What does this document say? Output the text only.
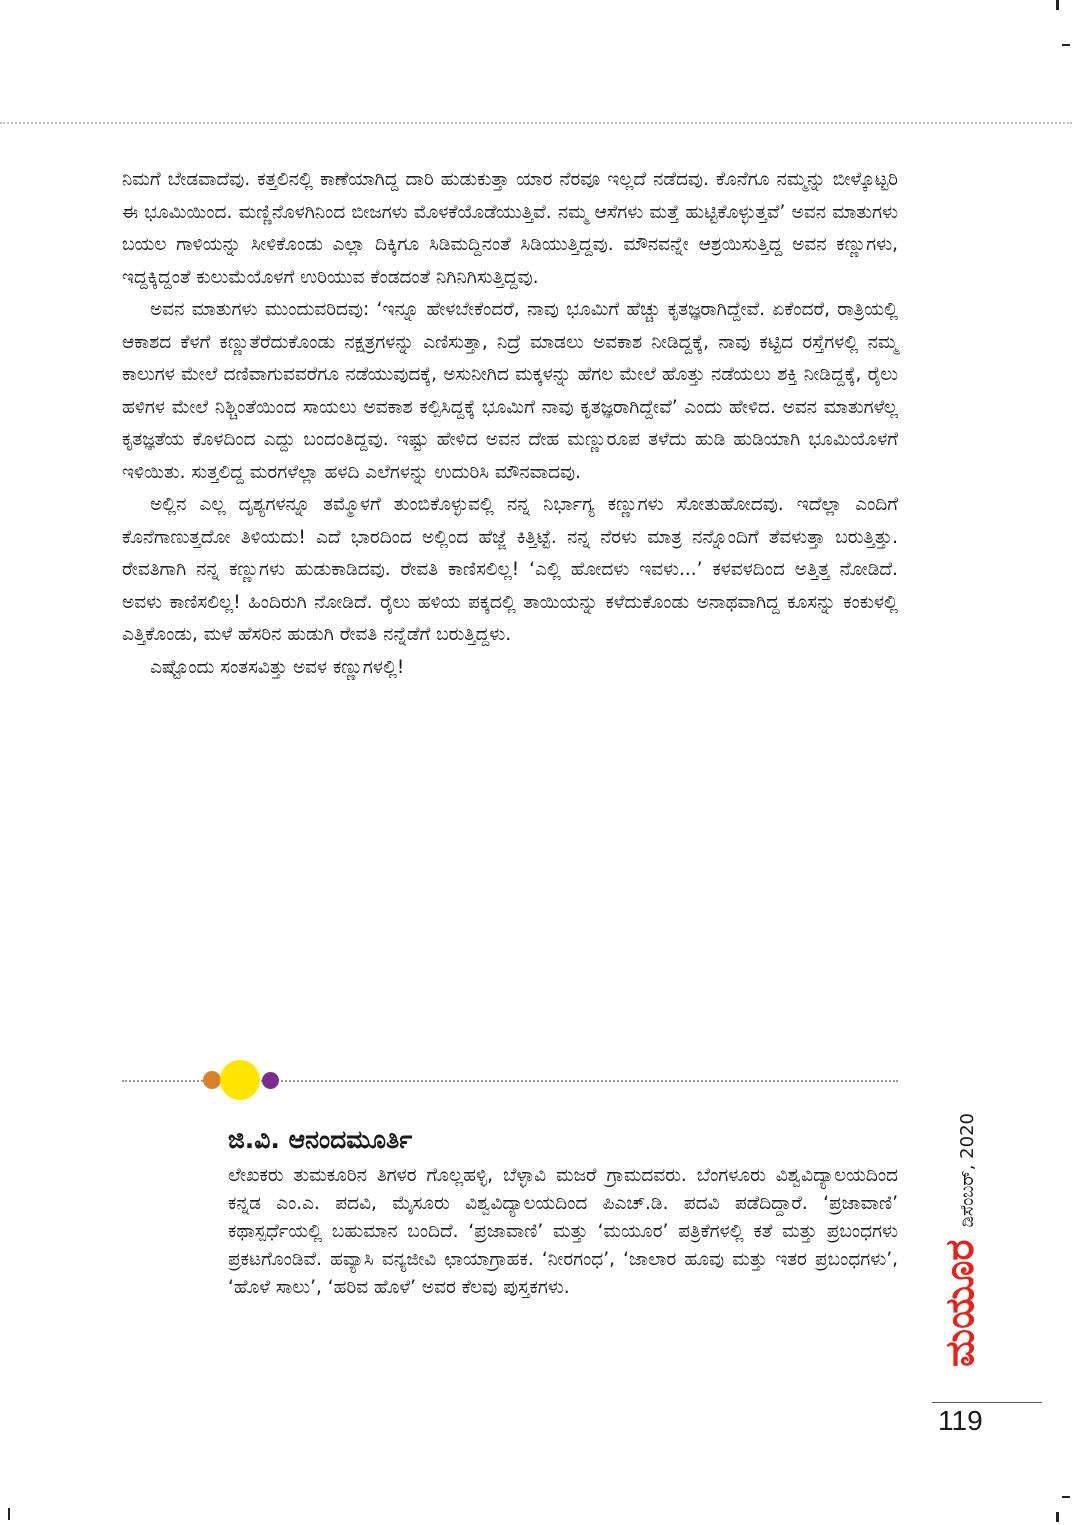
ನಿಮಗೆ ಬೇಡವಾದೆವು. ಕತ್ತಲಿನಲ್ಲಿ ಕಾಣೆಯಾಗಿದ್ದ ದಾರಿ ಹುಡುಕುತ್ತಾ ಯಾರ ನೆರವೂ ಇಲ್ಲದೆ ನಡೆದವು. ಕೊನೆಗೂ ನಮ್ಮನ್ನು ಬೀಳ್ಕೊಟ್ಟರಿ ಈ ಭೂಮಿಯಿಂದ. ಮಣ್ಣಿನೊಳಗಿನಿಂದ ಬೀಜಗಳು ಮೊಳಕೆಯೊಡೆಯುತ್ತಿವೆ. ನಮ್ಮ ಆಸೆಗಳು ಮತ್ತೆ ಹುಟ್ಟಿಕೊಳ್ಳುತ್ತವೆ’ ಅವನ ಮಾತುಗಳು ಬಯಲ ಗಾಳಿಯನ್ನು ಸೀಳಿಕೊಂಡು ಎಲ್ಲಾ ದಿಕ್ಕಿಗೂ ಸಿಡಿಮದ್ದಿನಂತೆ ಸಿಡಿಯುತ್ತಿದ್ದವು. ಮೌನವನ್ನೇ ಆಶ್ರಯಿಸುತ್ತಿದ್ದ ಅವನ ಕಣ್ಣುಗಳು, ಇದ್ದಕ್ಕಿದ್ದಂತೆ ಕುಲುಮೆಯೊಳಗೆ ಉರಿಯುವ ಕೆಂಡದಂತೆ ನಿಗಿನಿಗಿಸುತ್ತಿದ್ದವು.

ಅವನ ಮಾತುಗಳು ಮುಂದುವರಿದವು: ‘ಇನ್ನೂ ಹೇಳಬೇಕೆಂದರೆ, ನಾವು ಭೂಮಿಗೆ ಹೆಚ್ಚು ಕೃತಜ್ಞರಾಗಿದ್ದೇವೆ. ಏಕೆಂದರೆ, ರಾತ್ರಿಯಲ್ಲಿ ಆಕಾಶದ ಕೆಳಗೆ ಕಣ್ಣುತೆರೆದುಕೊಂಡು ನಕ್ಷತ್ರಗಳನ್ನು ಎಣಿಸುತ್ತಾ, ನಿದ್ರೆ ಮಾಡಲು ಅವಕಾಶ ನೀಡಿದ್ದಕ್ಕೆ, ನಾವು ಕಟ್ಟಿದ ರಸ್ತೆಗಳಲ್ಲಿ ನಮ್ಮ ಕಾಲುಗಳ ಮೇಲೆ ದಣಿವಾಗುವವರೆಗೂ ನಡೆಯುವುದಕ್ಕೆ, ಅಸುನೀಗಿದ ಮಕ್ಕಳನ್ನು ಹೆಗಲ ಮೇಲೆ ಹೊತ್ತು ನಡೆಯಲು ಶಕ್ತಿ ನೀಡಿದ್ದಕ್ಕೆ, ರೈಲು ಹಳಿಗಳ ಮೇಲೆ ನಿಶ್ಚಿಂತೆಯಿಂದ ಸಾಯಲು ಅವಕಾಶ ಕಲ್ಪಿಸಿದ್ದಕ್ಕೆ ಭೂಮಿಗೆ ನಾವು ಕೃತಜ್ಞರಾಗಿದ್ದೇವೆ’ ಎಂದು ಹೇಳಿದ. ಅವನ ಮಾತುಗಳೆಲ್ಲ ಕೃತಜ್ಞತೆಯ ಕೊಳದಿಂದ ಎದ್ದು ಬಂದಂತಿದ್ದವು. ಇಷ್ಟು ಹೇಳಿದ ಅವನ ದೇಹ ಮಣ್ಣುರೂಪ ತಳೆದು ಹುಡಿ ಹುಡಿಯಾಗಿ ಭೂಮಿಯೊಳಗೆ ಇಳಿಯಿತು. ಸುತ್ತಲಿದ್ದ ಮರಗಳೆಲ್ಲಾ ಹಳದಿ ಎಲೆಗಳನ್ನು ಉದುರಿಸಿ ಮೌನವಾದವು.

ಅಲ್ಲಿನ ಎಲ್ಲ ದೃಶ್ಯಗಳನ್ನೂ ತಮ್ಮೊಳಗೆ ತುಂಬಿಕೊಳ್ಳುವಲ್ಲಿ ನನ್ನ ನಿರ್ಭಾಗ್ಯ ಕಣ್ಣುಗಳು ಸೋತುಹೋದವು. ಇದೆಲ್ಲಾ ಎಂದಿಗೆ ಕೊನೆಗಾಣುತ್ತದೋ ತಿಳಿಯದು! ಎದೆ ಭಾರದಿಂದ ಅಲ್ಲಿಂದ ಹೆಜ್ಜೆ ಕಿತ್ತಿಟ್ಟೆ. ನನ್ನ ನೆರಳು ಮಾತ್ರ ನನ್ನೊಂದಿಗೆ ತೆವಳುತ್ತಾ ಬರುತ್ತಿತ್ತು. ರೇವತಿಗಾಗಿ ನನ್ನ ಕಣ್ಣುಗಳು ಹುಡುಕಾಡಿದವು. ರೇವತಿ ಕಾಣಿಸಲಿಲ್ಲ! ‘ಎಲ್ಲಿ ಹೋದಳು ಇವಳು...’ ಕಳವಳದಿಂದ ಅತ್ತಿತ್ತ ನೋಡಿದೆ. ಅವಳು ಕಾಣಿಸಲಿಲ್ಲ! ಹಿಂದಿರುಗಿ ನೋಡಿದೆ. ರೈಲು ಹಳಿಯ ಪಕ್ಕದಲ್ಲಿ ತಾಯಿಯನ್ನು ಕಳೆದುಕೊಂಡು ಅನಾಥವಾಗಿದ್ದ ಕೂಸನ್ನು ಕಂಕುಳಲ್ಲಿ ಎತ್ತಿಕೊಂಡು, ಮಳೆ ಹೆಸರಿನ ಹುಡುಗಿ ರೇವತಿ ನನ್ನೆಡೆಗೆ ಬರುತ್ತಿದ್ದಳು.

ಎಷ್ಟೊಂದು ಸಂತಸವಿತ್ತು ಅವಳ ಕಣ್ಣುಗಳಲ್ಲಿ!

ಜಿ.ವಿ. ಆನಂದಮೂರ್ತಿ

ಲೇಖಕರು ತುಮಕೂರಿನ ತಿಗಳರ ಗೊಲ್ಲಹಳ್ಳಿ, ಬೆಳ್ಳಾವಿ ಮಜರೆ ಗ್ರಾಮದವರು. ಬೆಂಗಳೂರು ವಿಶ್ವವಿದ್ಯಾಲಯದಿಂದ ಕನ್ನಡ ಎಂ.ಎ. ಪದವಿ, ಮೈಸೂರು ವಿಶ್ವವಿದ್ಯಾಲಯದಿಂದ ಪಿಎಚ್.ಡಿ. ಪದವಿ ಪಡೆದಿದ್ದಾರೆ. ‘ಪ್ರಜಾವಾಣಿ’ ಕಥಾಸ್ಪರ್ಧೆಯಲ್ಲಿ ಬಹುಮಾನ ಬಂದಿದೆ. ‘ಪ್ರಜಾವಾಣಿ’ ಮತ್ತು ‘ಮಯೂರ’ ಪತ್ರಿಕೆಗಳಲ್ಲಿ ಕತೆ ಮತ್ತು ಪ್ರಬಂಧಗಳು ಪ್ರಕಟಗೊಂಡಿವೆ. ಹವ್ಯಾಸಿ ವನ್ಯಜೀವಿ ಛಾಯಾಗ್ರಾಹಕ. ‘ನೀರಗಂಧ’, ‘ಜಾಲಾರ ಹೂವು ಮತ್ತು ಇತರ ಪ್ರಬಂಧಗಳು’, ‘ಹೊಳೆ ಸಾಲು’, ‘ಹರಿವ ಹೊಳೆ’ ಅವರ ಕೆಲವು ಪುಸ್ತಕಗಳು.	ಮಯೂರ
ಡಿಸೆಂಬರ್, 2020
119
